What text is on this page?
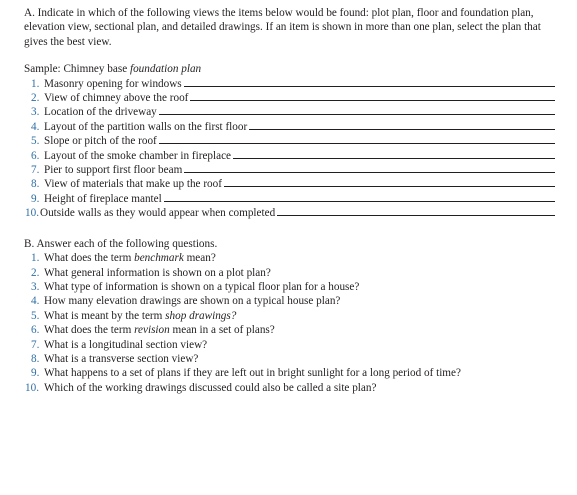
A. Indicate in which of the following views the items below would be found: plot plan, floor and foundation plan, elevation view, sectional plan, and detailed drawings. If an item is shown in more than one plan, select the plan that gives the best view.

Sample: Chimney base foundation plan
1. Masonry opening for windows
2. View of chimney above the roof
3. Location of the driveway
4. Layout of the partition walls on the first floor
5. Slope or pitch of the roof
6. Layout of the smoke chamber in fireplace
7. Pier to support first floor beam
8. View of materials that make up the roof
9. Height of fireplace mantel
10. Outside walls as they would appear when completed
B. Answer each of the following questions.
1. What does the term benchmark mean?
2. What general information is shown on a plot plan?
3. What type of information is shown on a typical floor plan for a house?
4. How many elevation drawings are shown on a typical house plan?
5. What is meant by the term shop drawings?
6. What does the term revision mean in a set of plans?
7. What is a longitudinal section view?
8. What is a transverse section view?
9. What happens to a set of plans if they are left out in bright sunlight for a long period of time?
10. Which of the working drawings discussed could also be called a site plan?
